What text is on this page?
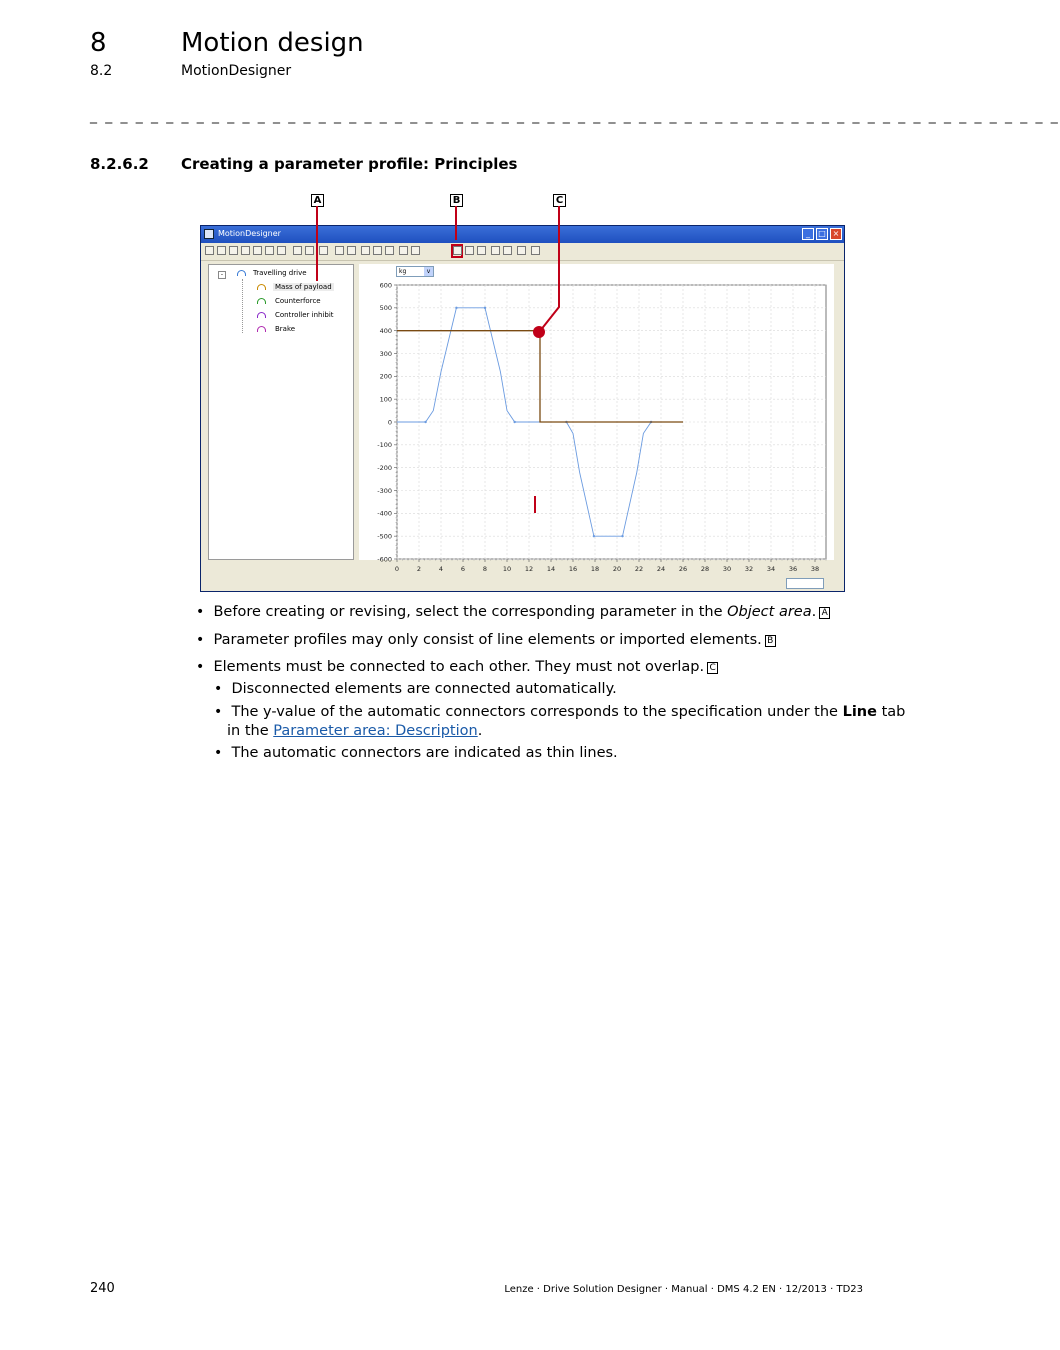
8	Motion design
8.2	MotionDesigner
_ _ _ _ _ _ _ _ _ _ _ _ _ _ _ _ _ _ _ _ _ _ _ _ _ _ _ _ _ _ _ _ _ _ _ _ _ _ _ _ _ _ _ _ _ _ _ _ _ _ _ _ _ _ _ _ _ _ _ _ _ _ _ _
8.2.6.2 Creating a parameter profile: Principles
A	B	C
MotionDesigner	_	□ ×
-	Travelling drive
Mass of payload
Counterforce
Controller inhibit
Brake
kg	v
0	2	4	6	8 10 12 14 16 18 20 22 24 26 28 30 32 34 36 38
600
500
400
300
200
100
0
-100
-200
-300
-400
-500
-600
• Before creating or revising, select the corresponding parameter in the Object area. A
• Parameter profiles may only consist of line elements or imported elements. B
• Elements must be connected to each other. They must not overlap. C
• Disconnected elements are connected automatically.
• The y-value of the automatic connectors corresponds to the specification under the Line tab
in the Parameter area: Description.
• The automatic connectors are indicated as thin lines.
240	Lenze · Drive Solution Designer · Manual · DMS 4.2 EN · 12/2013 · TD23
